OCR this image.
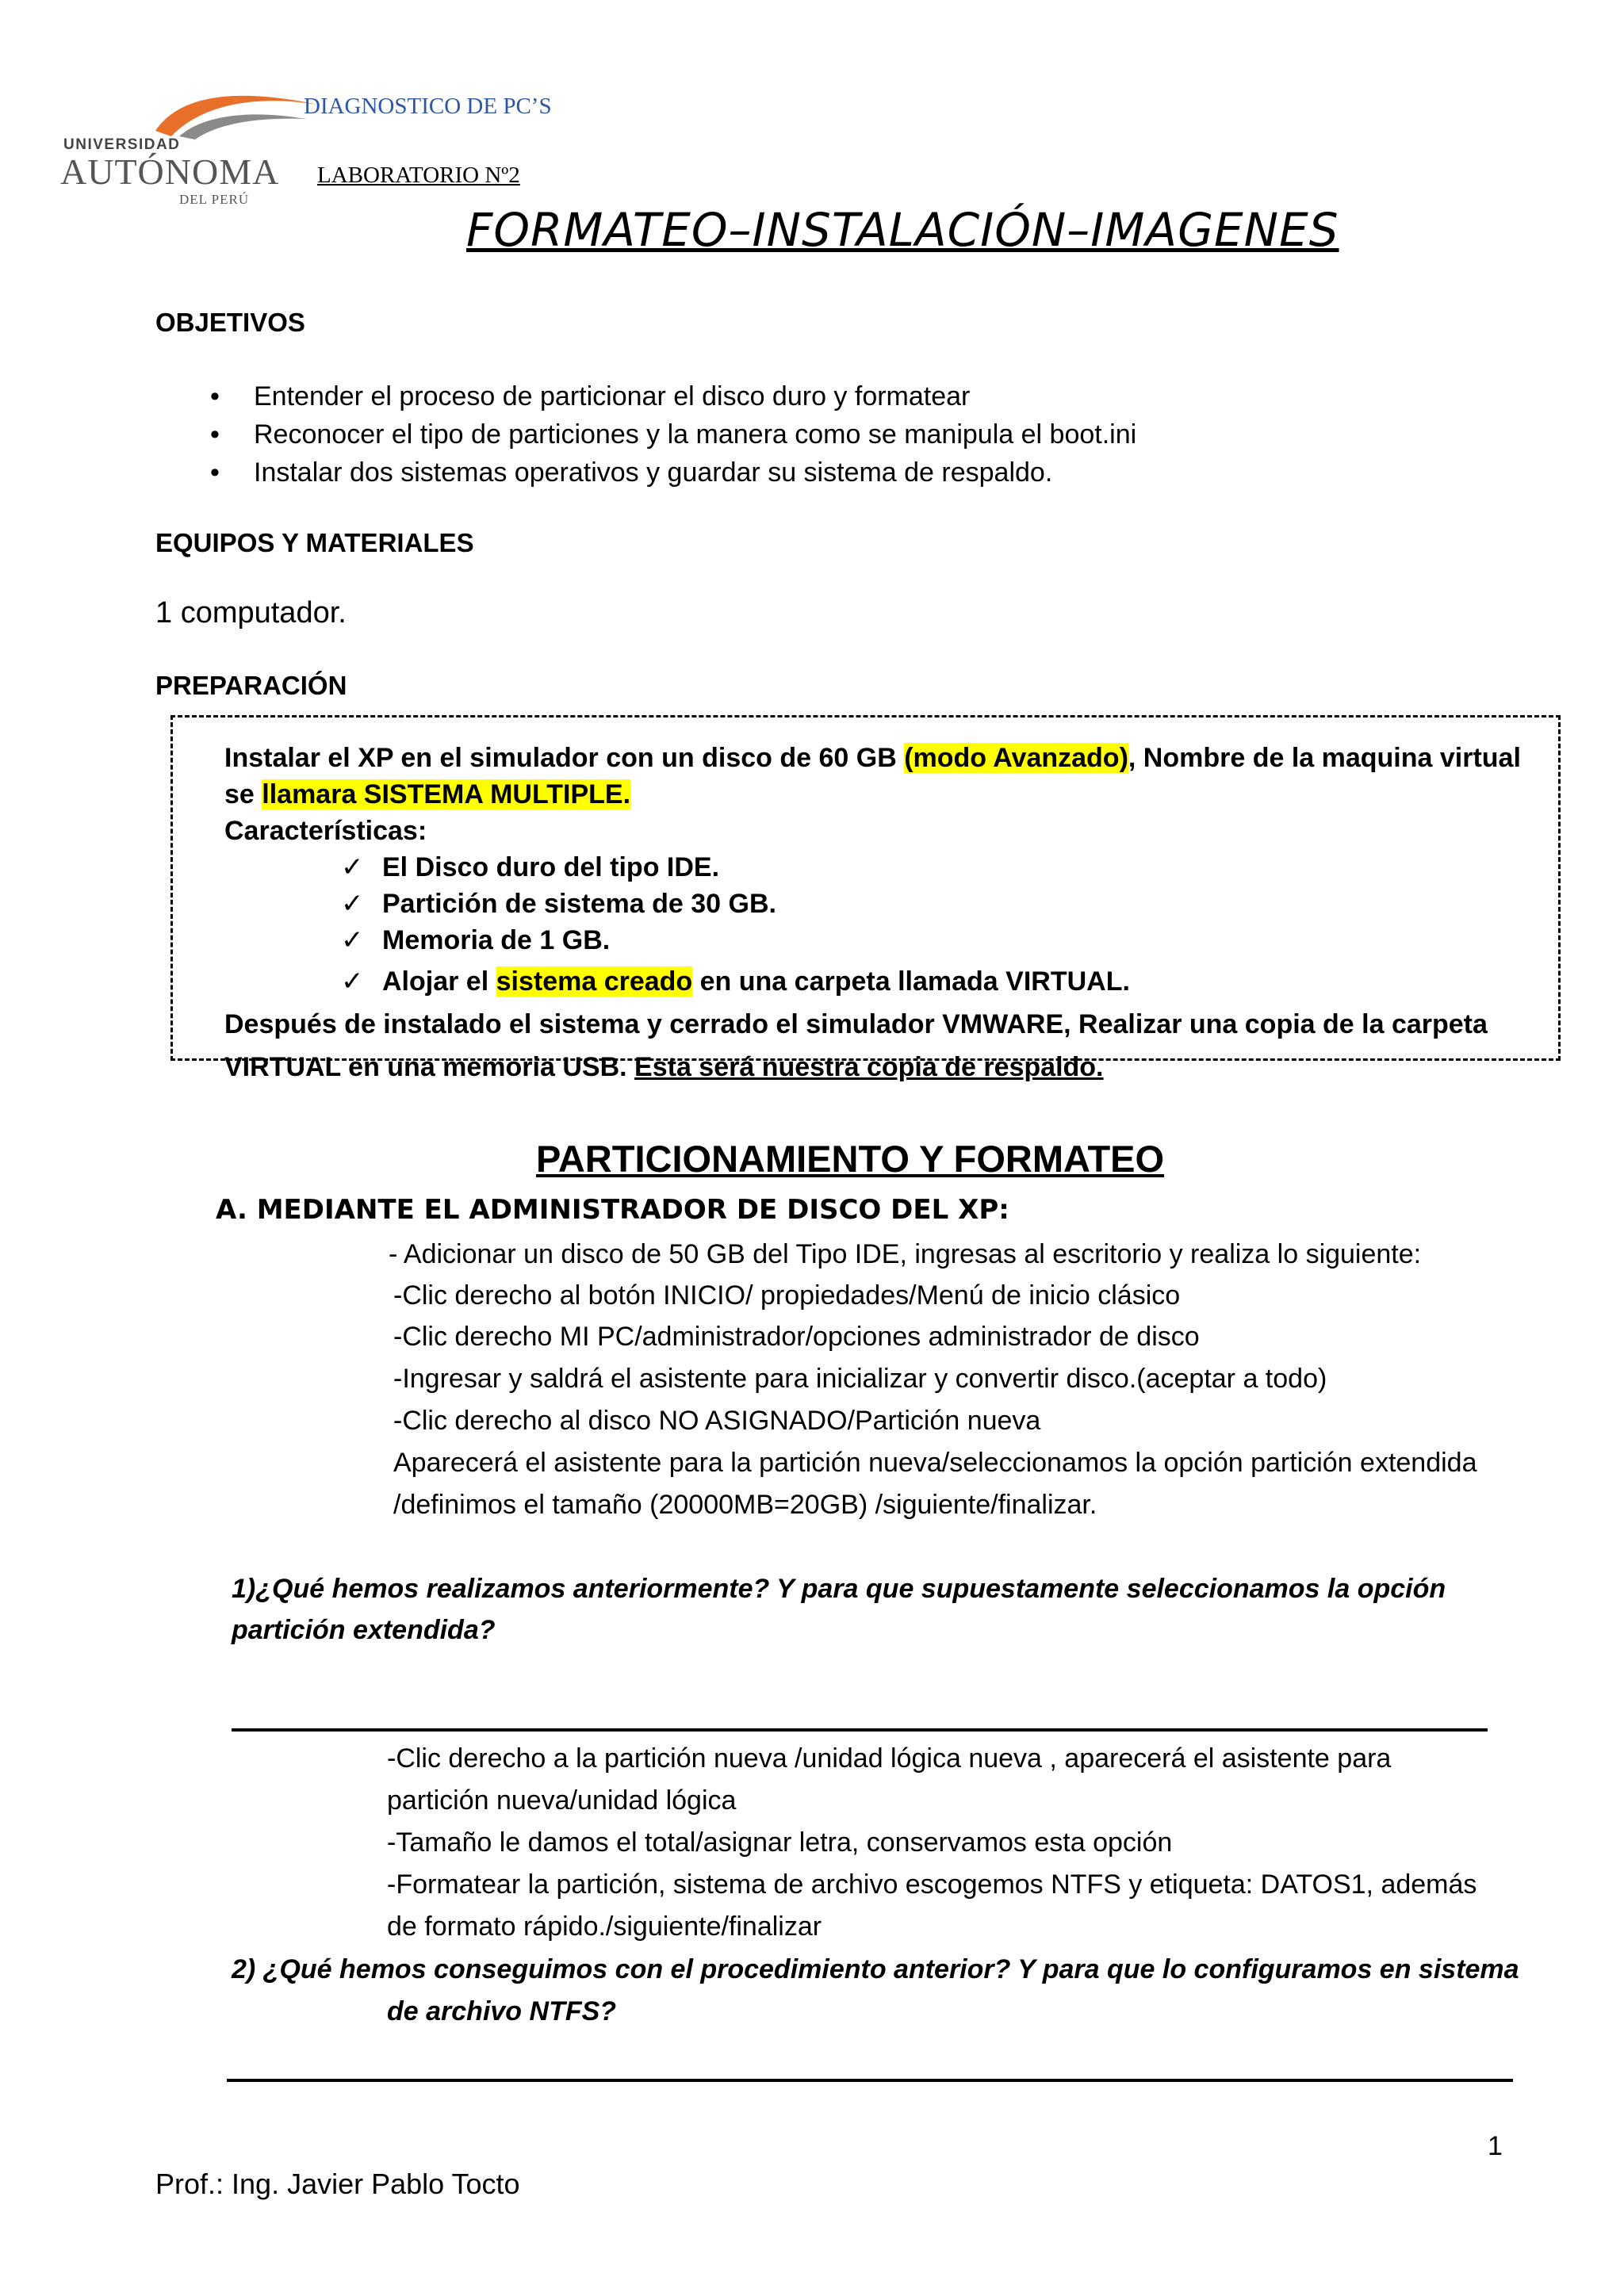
UNIVERSIDAD
AUTÓNOMA
DEL PERÚ
DIAGNOSTICO DE PC’S
LABORATORIO Nº2
FORMATEO–INSTALACIÓN–IMAGENES
OBJETIVOS
• Entender el proceso de particionar el disco duro y formatear
• Reconocer el tipo de particiones y la manera como se manipula el boot.ini
• Instalar dos sistemas operativos y guardar su sistema de respaldo.
EQUIPOS Y MATERIALES
1 computador.
PREPARACIÓN
Instalar el XP en el simulador con un disco de 60 GB (modo Avanzado), Nombre de la maquina virtual
se llamara SISTEMA MULTIPLE.
Características:
✓ El Disco duro del tipo IDE.
✓ Partición de sistema de 30 GB.
✓ Memoria de 1 GB.
✓ Alojar el sistema creado en una carpeta llamada VIRTUAL.
Después de instalado el sistema y cerrado el simulador VMWARE, Realizar una copia de la carpeta
VIRTUAL en una memoria USB. Esta será nuestra copia de respaldo.
PARTICIONAMIENTO Y FORMATEO
A. MEDIANTE EL ADMINISTRADOR DE DISCO DEL XP:
- Adicionar un disco de 50 GB del Tipo IDE, ingresas al escritorio y realiza lo siguiente:
-Clic derecho al botón INICIO/ propiedades/Menú de inicio clásico
-Clic derecho MI PC/administrador/opciones administrador de disco
-Ingresar y saldrá el asistente para inicializar y convertir disco.(aceptar a todo)
-Clic derecho al disco NO ASIGNADO/Partición nueva
Aparecerá el asistente para la partición nueva/seleccionamos la opción partición extendida
/definimos el tamaño (20000MB=20GB) /siguiente/finalizar.
1)¿Qué hemos realizamos anteriormente? Y para que supuestamente seleccionamos la opción
partición extendida?
-Clic derecho a la partición nueva /unidad lógica nueva , aparecerá el asistente para
partición nueva/unidad lógica
-Tamaño le damos el total/asignar letra, conservamos esta opción
-Formatear la partición, sistema de archivo escogemos NTFS y etiqueta: DATOS1, además
de formato rápido./siguiente/finalizar
2) ¿Qué hemos conseguimos con el procedimiento anterior? Y para que lo configuramos en sistema
de archivo NTFS?
1
Prof.: Ing. Javier Pablo Tocto
